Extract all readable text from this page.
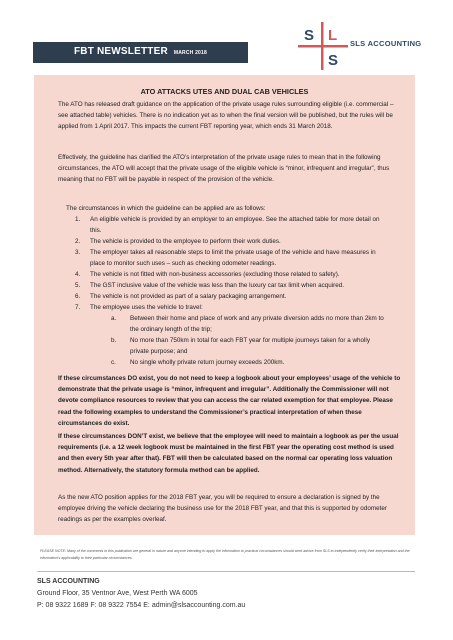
FBT NEWSLETTER MARCH 2018
S L
S
SLS ACCOUNTING
ATO ATTACKS UTES AND DUAL CAB VEHICLES

The ATO has released draft guidance on the application of the private usage rules surrounding eligible (i.e. commercial – see attached table) vehicles. There is no indication yet as to when the final version will be published, but the rules will be applied from 1 April 2017. This impacts the current FBT reporting year, which ends 31 March 2018.

Effectively, the guideline has clarified the ATO’s interpretation of the private usage rules to mean that in the following circumstances, the ATO will accept that the private usage of the eligible vehicle is “minor, infrequent and irregular”, thus meaning that no FBT will be payable in respect of the provision of the vehicle.

The circumstances in which the guideline can be applied are as follows:

1.	An eligible vehicle is provided by an employer to an employee. See the attached table for more detail on this.
2.	The vehicle is provided to the employee to perform their work duties.
3.	The employer takes all reasonable steps to limit the private usage of the vehicle and have measures in place to monitor such uses – such as checking odometer readings.
4.	The vehicle is not fitted with non-business accessories (excluding those related to safety).
5.	The GST inclusive value of the vehicle was less than the luxury car tax limit when acquired.
6.	The vehicle is not provided as part of a salary packaging arrangement.
7.	The employee uses the vehicle to travel:
a.	Between their home and place of work and any private diversion adds no more than 2km to the ordinary length of the trip;
b.	No more than 750km in total for each FBT year for multiple journeys taken for a wholly private purpose; and
c.	No single wholly private return journey exceeds 200km.

If these circumstances DO exist, you do not need to keep a logbook about your employees’ usage of the vehicle to demonstrate that the private usage is “minor, infrequent and irregular”. Additionally the Commissioner will not devote compliance resources to review that you can access the car related exemption for that employee. Please read the following examples to understand the Commissioner’s practical interpretation of when these circumstances do exist.

If these circumstances DON’T exist, we believe that the employee will need to maintain a logbook as per the usual requirements (i.e. a 12 week logbook must be maintained in the first FBT year the operating cost method is used and then every 5th year after that). FBT will then be calculated based on the normal car operating loss valuation method. Alternatively, the statutory formula method can be applied.

As the new ATO position applies for the 2018 FBT year, you will be required to ensure a declaration is signed by the employee driving the vehicle declaring the business use for the 2018 FBT year, and that this is supported by odometer readings as per the examples overleaf.

PLEASE NOTE: Many of the comments in this publication are general in nature and anyone intending to apply the information to practical circumstances should seek advice from SLS to independently verify their interpretation and the information’s applicability to their particular circumstances.
SLS ACCOUNTING
Ground Floor, 35 Ventnor Ave, West Perth WA 6005
P: 08 9322 1689 F: 08 9322 7554 E: admin@slsaccounting.com.au
